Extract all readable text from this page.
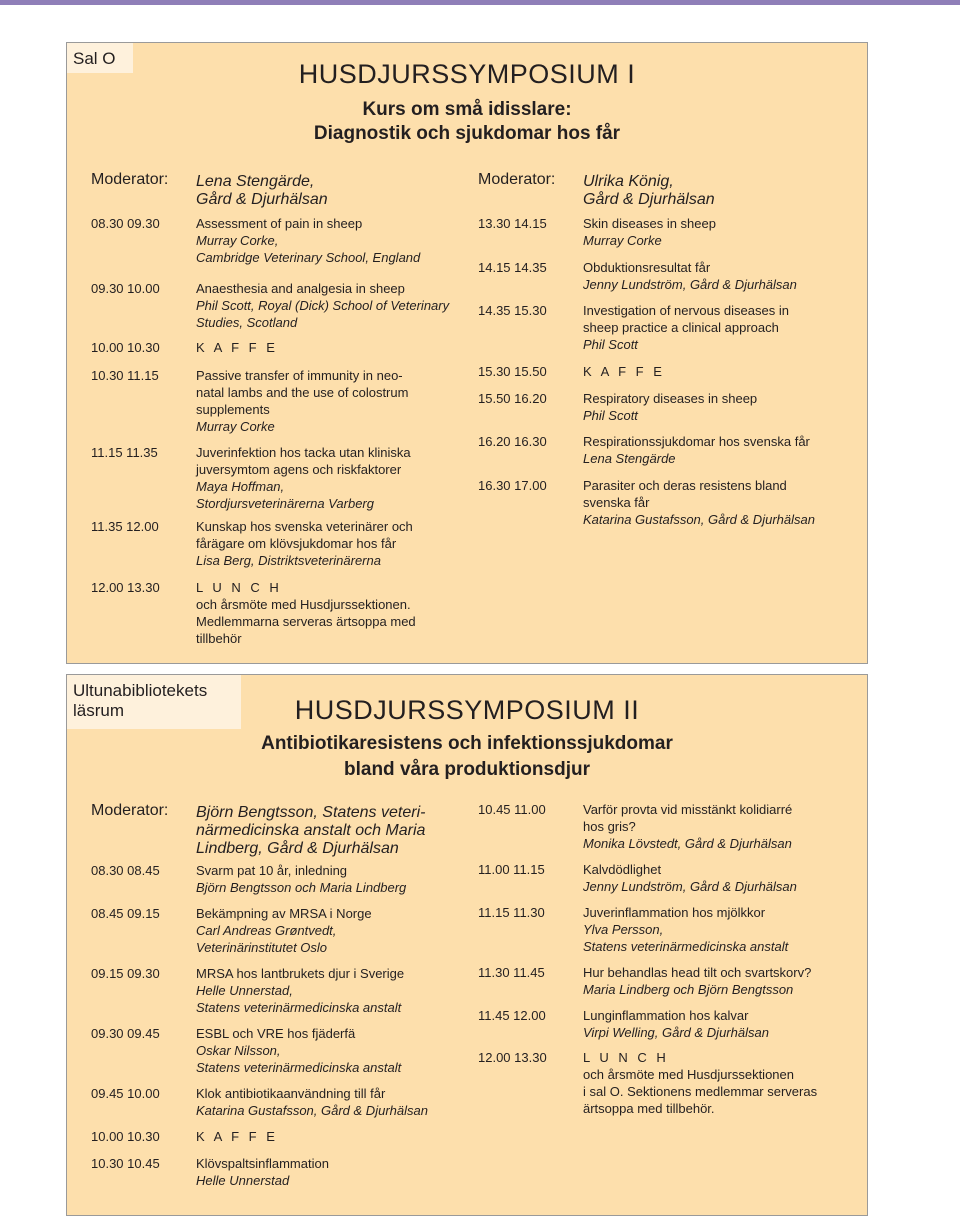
Sal O
HUSDJURSSYMPOSIUM I
Kurs om små idisslare:
Diagnostik och sjukdomar hos får
Moderator: Lena Stengärde,
Gård & Djurhälsan
Moderator: Ulrika König,
Gård & Djurhälsan
08.30 09.30	Assessment of pain in sheep
Murray Corke,
Cambridge Veterinary School, England
09.30 10.00	Anaesthesia and analgesia in sheep
Phil Scott, Royal (Dick) School of Veterinary
Studies, Scotland
10.00 10.30	K A F F E
10.30 11.15	Passive transfer of immunity in neo-
natal lambs and the use of colostrum
supplements
Murray Corke
11.15 11.35	Juverinfektion hos tacka utan kliniska
juversymtom agens och riskfaktorer
Maya Hoffman,
Stordjursveterinärerna Varberg
11.35 12.00	Kunskap hos svenska veterinärer och
fårägare om klövsjukdomar hos får
Lisa Berg, Distriktsveterinärerna
12.00 13.30	L U N C H
och årsmöte med Husdjurssektionen.
Medlemmarna serveras ärtsoppa med
tillbehör
13.30 14.15	Skin diseases in sheep
Murray Corke
14.15 14.35	Obduktionsresultat får
Jenny Lundström, Gård & Djurhälsan
14.35 15.30	Investigation of nervous diseases in
sheep practice a clinical approach
Phil Scott
15.30 15.50	K A F F E
15.50 16.20	Respiratory diseases in sheep
Phil Scott
16.20 16.30	Respirationssjukdomar hos svenska får
Lena Stengärde
16.30 17.00	Parasiter och deras resistens bland
svenska får
Katarina Gustafsson, Gård & Djurhälsan
Ultunabibliotekets
läsrum	HUSDJURSSYMPOSIUM II
Antibiotikaresistens och infektionssjukdomar
bland våra produktionsdjur
Moderator: Björn Bengtsson, Statens veteri-
närmedicinska anstalt och Maria
Lindberg, Gård & Djurhälsan
08.30 08.45	Svarm pat 10 år, inledning
Björn Bengtsson och Maria Lindberg
08.45 09.15	Bekämpning av MRSA i Norge
Carl Andreas Grøntvedt,
Veterinärinstitutet Oslo
09.15 09.30	MRSA hos lantbrukets djur i Sverige
Helle Unnerstad,
Statens veterinärmedicinska anstalt
09.30 09.45	ESBL och VRE hos fjäderfä
Oskar Nilsson,
Statens veterinärmedicinska anstalt
09.45 10.00	Klok antibiotikaanvändning till får
Katarina Gustafsson, Gård & Djurhälsan
10.00 10.30	K A F F E
10.30 10.45	Klövspaltsinflammation
Helle Unnerstad
10.45 11.00	Varför provta vid misstänkt kolidiarré
hos gris?
Monika Lövstedt, Gård & Djurhälsan
11.00 11.15	Kalvdödlighet
Jenny Lundström, Gård & Djurhälsan
11.15 11.30	Juverinflammation hos mjölkkor
Ylva Persson,
Statens veterinärmedicinska anstalt
11.30 11.45	Hur behandlas head tilt och svartskorv?
Maria Lindberg och Björn Bengtsson
11.45 12.00	Lunginflammation hos kalvar
Virpi Welling, Gård & Djurhälsan
12.00 13.30	L U N C H
och årsmöte med Husdjurssektionen
i sal O. Sektionens medlemmar serveras
ärtsoppa med tillbehör.
